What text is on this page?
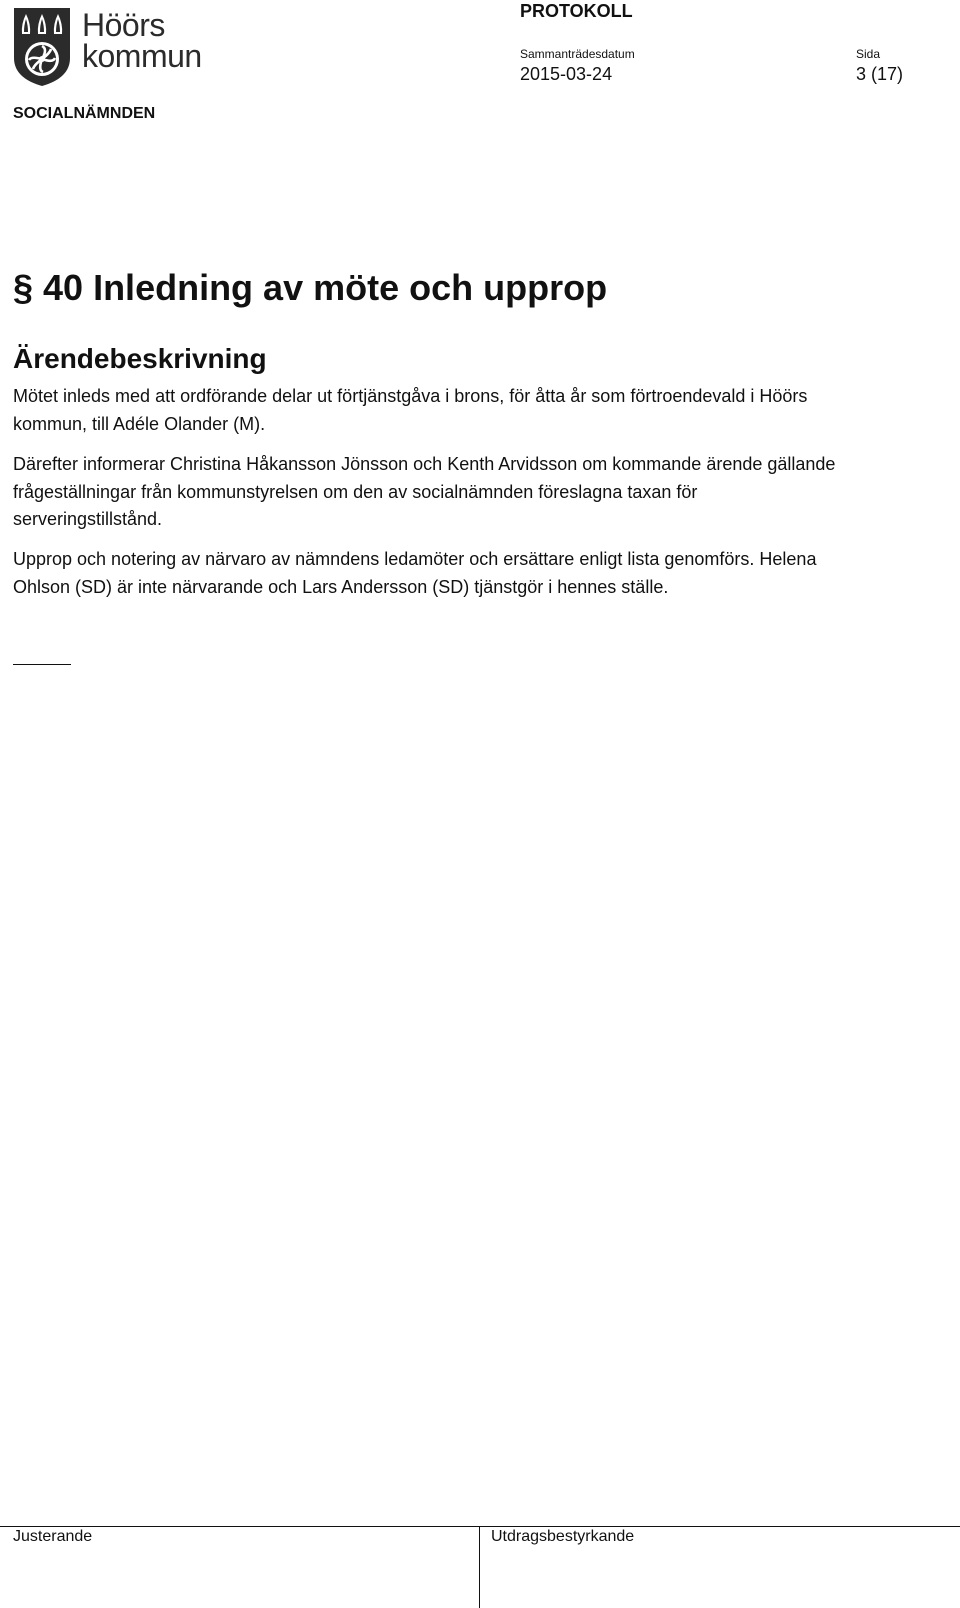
Höörs
kommun
PROTOKOLL
Sammanträdesdatum
2015-03-24
Sida
3 (17)
SOCIALNÄMNDEN
§ 40 Inledning av möte och upprop
Ärendebeskrivning

Mötet inleds med att ordförande delar ut förtjänstgåva i brons, för åtta år som förtroendevald i Höörs kommun, till Adéle Olander (M).

Därefter informerar Christina Håkansson Jönsson och Kenth Arvidsson om kommande ärende gällande frågeställningar från kommunstyrelsen om den av socialnämnden föreslagna taxan för serveringstillstånd.

Upprop och notering av närvaro av nämndens ledamöter och ersättare enligt lista genomförs. Helena Ohlson (SD) är inte närvarande och Lars Andersson (SD) tjänstgör i hennes ställe.

Justerande	Utdragsbestyrkande
